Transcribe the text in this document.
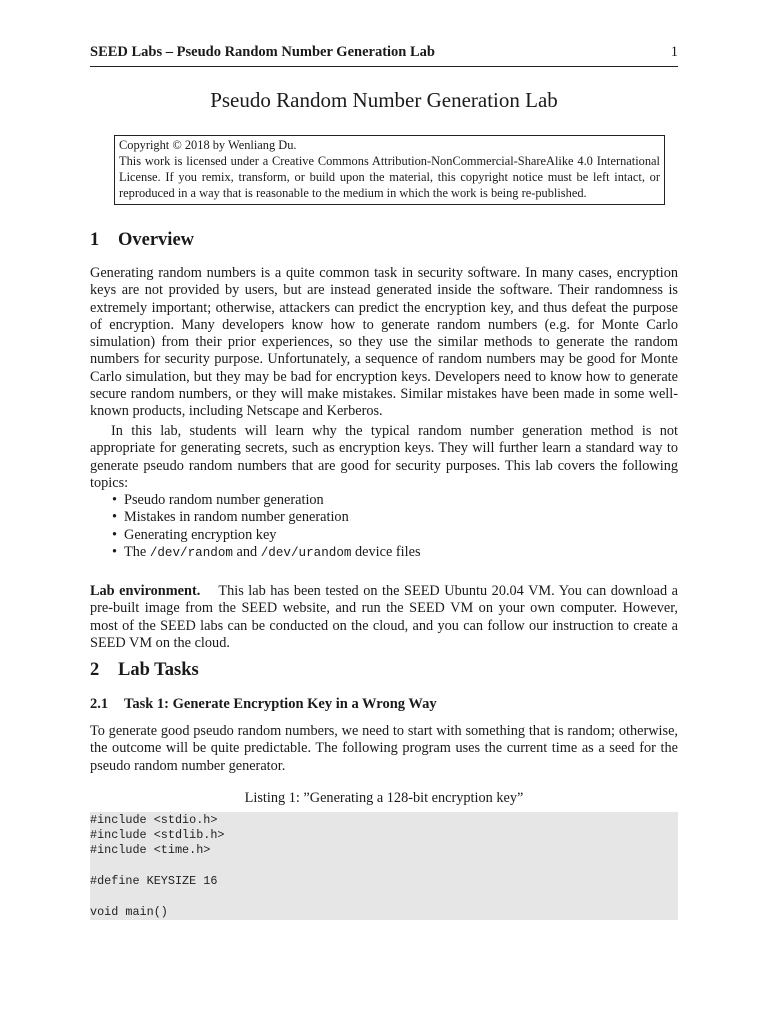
SEED Labs – Pseudo Random Number Generation Lab	1
Pseudo Random Number Generation Lab
Copyright © 2018 by Wenliang Du.
This work is licensed under a Creative Commons Attribution-NonCommercial-ShareAlike 4.0 International License. If you remix, transform, or build upon the material, this copyright notice must be left intact, or reproduced in a way that is reasonable to the medium in which the work is being re-published.
1 Overview

Generating random numbers is a quite common task in security software. In many cases, encryption keys are not provided by users, but are instead generated inside the software. Their randomness is extremely important; otherwise, attackers can predict the encryption key, and thus defeat the purpose of encryption. Many developers know how to generate random numbers (e.g. for Monte Carlo simulation) from their prior experiences, so they use the similar methods to generate the random numbers for security purpose. Unfortunately, a sequence of random numbers may be good for Monte Carlo simulation, but they may be bad for encryption keys. Developers need to know how to generate secure random numbers, or they will make mistakes. Similar mistakes have been made in some well-known products, including Netscape and Kerberos.

In this lab, students will learn why the typical random number generation method is not appropriate for generating secrets, such as encryption keys. They will further learn a standard way to generate pseudo random numbers that are good for security purposes. This lab covers the following topics:

• Pseudo random number generation
• Mistakes in random number generation
• Generating encryption key
• The /dev/random and /dev/urandom device files

Lab environment. This lab has been tested on the SEED Ubuntu 20.04 VM. You can download a pre-built image from the SEED website, and run the SEED VM on your own computer. However, most of the SEED labs can be conducted on the cloud, and you can follow our instruction to create a SEED VM on the cloud.

2 Lab Tasks
2.1 Task 1: Generate Encryption Key in a Wrong Way

To generate good pseudo random numbers, we need to start with something that is random; otherwise, the outcome will be quite predictable. The following program uses the current time as a seed for the pseudo random number generator.

Listing 1: ”Generating a 128-bit encryption key”
#include <stdio.h>
#include <stdlib.h>
#include <time.h>
#define KEYSIZE 16
void main()
